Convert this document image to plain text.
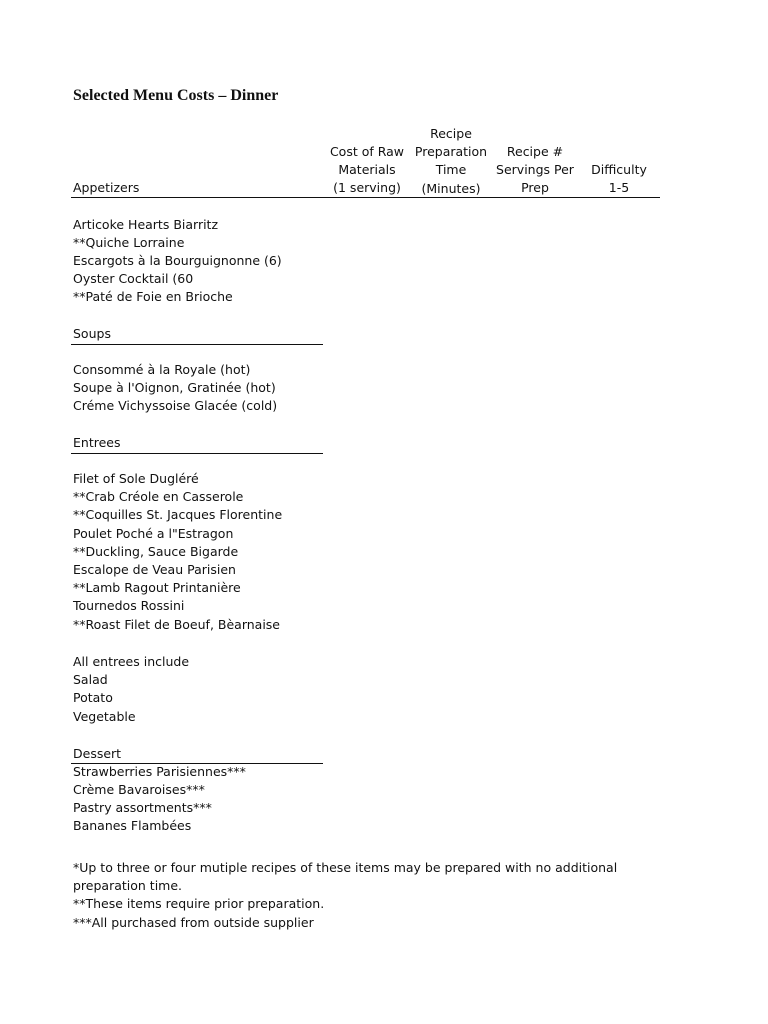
Selected Menu Costs – Dinner
Cost of Raw
Materials
(1 serving)
Recipe
Preparation
Time
(Minutes)
Recipe #
Servings Per
Prep
Difficulty
1-5
Appetizers
Articoke Hearts Biarritz
**Quiche Lorraine
Escargots à la Bourguignonne (6)
Oyster Cocktail (60
**Paté de Foie en Brioche
Soups
Consommé à la Royale (hot)
Soupe à l'Oignon, Gratinée (hot)
Créme Vichyssoise Glacée (cold)
Entrees
Filet of Sole Dugléré
**Crab Créole en Casserole
**Coquilles St. Jacques Florentine
Poulet Poché a l"Estragon
**Duckling, Sauce Bigarde
Escalope de Veau Parisien
**Lamb Ragout Printanière
Tournedos Rossini
**Roast Filet de Boeuf, Bèarnaise
All entrees include
Salad
Potato
Vegetable
Dessert
Strawberries Parisiennes***
Crème Bavaroises***
Pastry assortments***
Bananes Flambées
*Up to three or four mutiple recipes of these items may be prepared with no additional
preparation time.
**These items require prior preparation.
***All purchased from outside supplier
